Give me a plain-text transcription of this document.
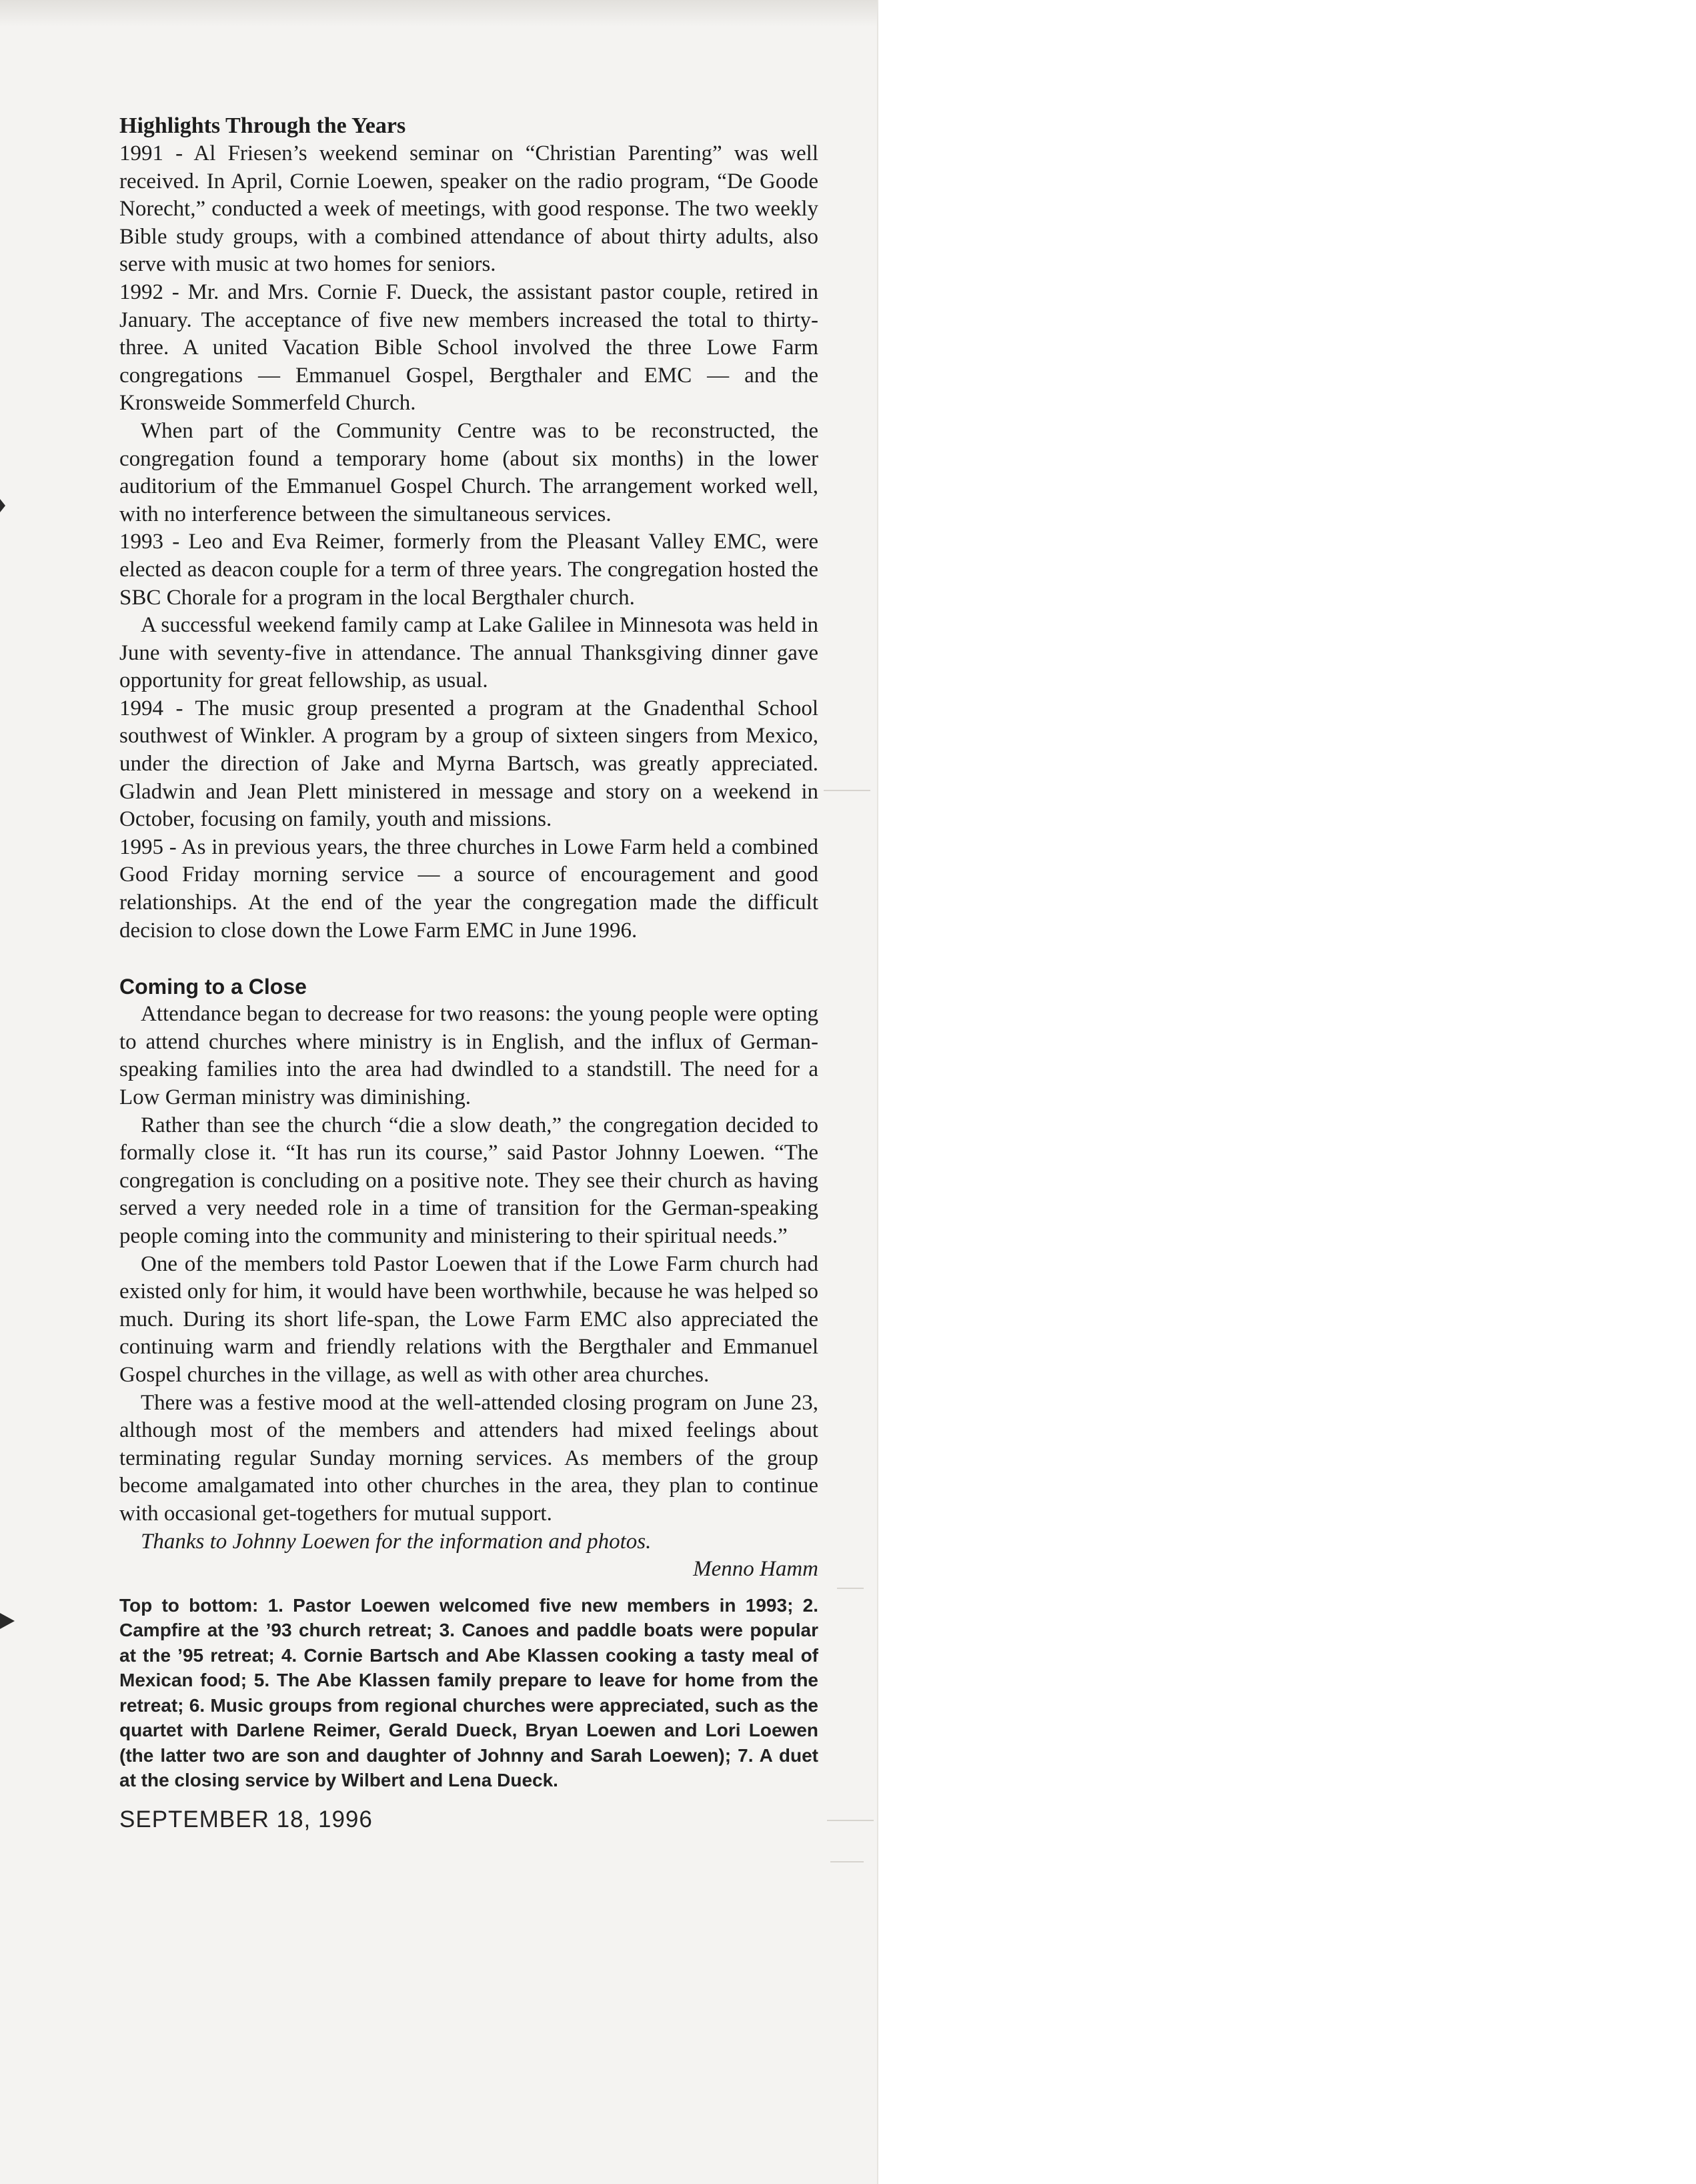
Highlights Through the Years

1991 - Al Friesen’s weekend seminar on “Christian Parenting” was well received. In April, Cornie Loewen, speaker on the radio program, “De Goode Norecht,” conducted a week of meetings, with good response. The two weekly Bible study groups, with a combined attendance of about thirty adults, also serve with music at two homes for seniors.

1992 - Mr. and Mrs. Cornie F. Dueck, the assistant pastor couple, retired in January. The acceptance of five new members increased the total to thirty-three. A united Vacation Bible School involved the three Lowe Farm congregations — Emmanuel Gospel, Bergthaler and EMC — and the Kronsweide Sommerfeld Church.

When part of the Community Centre was to be reconstructed, the congregation found a temporary home (about six months) in the lower auditorium of the Emmanuel Gospel Church. The arrangement worked well, with no interference between the simultaneous services.

1993 - Leo and Eva Reimer, formerly from the Pleasant Valley EMC, were elected as deacon couple for a term of three years. The congregation hosted the SBC Chorale for a program in the local Bergthaler church.

A successful weekend family camp at Lake Galilee in Minnesota was held in June with seventy-five in attendance. The annual Thanksgiving dinner gave opportunity for great fellowship, as usual.

1994 - The music group presented a program at the Gnadenthal School southwest of Winkler. A program by a group of sixteen singers from Mexico, under the direction of Jake and Myrna Bartsch, was greatly appreciated. Gladwin and Jean Plett ministered in message and story on a weekend in October, focusing on family, youth and missions.

1995 - As in previous years, the three churches in Lowe Farm held a combined Good Friday morning service — a source of encouragement and good relationships. At the end of the year the congregation made the difficult decision to close down the Lowe Farm EMC in June 1996.

Coming to a Close

Attendance began to decrease for two reasons: the young people were opting to attend churches where ministry is in English, and the influx of German-speaking families into the area had dwindled to a standstill. The need for a Low German ministry was diminishing.

Rather than see the church “die a slow death,” the congregation decided to formally close it. “It has run its course,” said Pastor Johnny Loewen. “The congregation is concluding on a positive note. They see their church as having served a very needed role in a time of transition for the German-speaking people coming into the community and ministering to their spiritual needs.”

One of the members told Pastor Loewen that if the Lowe Farm church had existed only for him, it would have been worthwhile, because he was helped so much. During its short life-span, the Lowe Farm EMC also appreciated the continuing warm and friendly relations with the Bergthaler and Emmanuel Gospel churches in the village, as well as with other area churches.

There was a festive mood at the well-attended closing program on June 23, although most of the members and attenders had mixed feelings about terminating regular Sunday morning services. As members of the group become amalgamated into other churches in the area, they plan to continue with occasional get-togethers for mutual support.

Thanks to Johnny Loewen for the information and photos.

Menno Hamm

Top to bottom: 1. Pastor Loewen welcomed five new members in 1993; 2. Campfire at the ’93 church retreat; 3. Canoes and paddle boats were popular at the ’95 retreat; 4. Cornie Bartsch and Abe Klassen cooking a tasty meal of Mexican food; 5. The Abe Klassen family prepare to leave for home from the retreat; 6. Music groups from regional churches were appreciated, such as the quartet with Darlene Reimer, Gerald Dueck, Bryan Loewen and Lori Loewen (the latter two are son and daughter of Johnny and Sarah Loewen); 7. A duet at the closing service by Wilbert and Lena Dueck.

SEPTEMBER 18, 1996
